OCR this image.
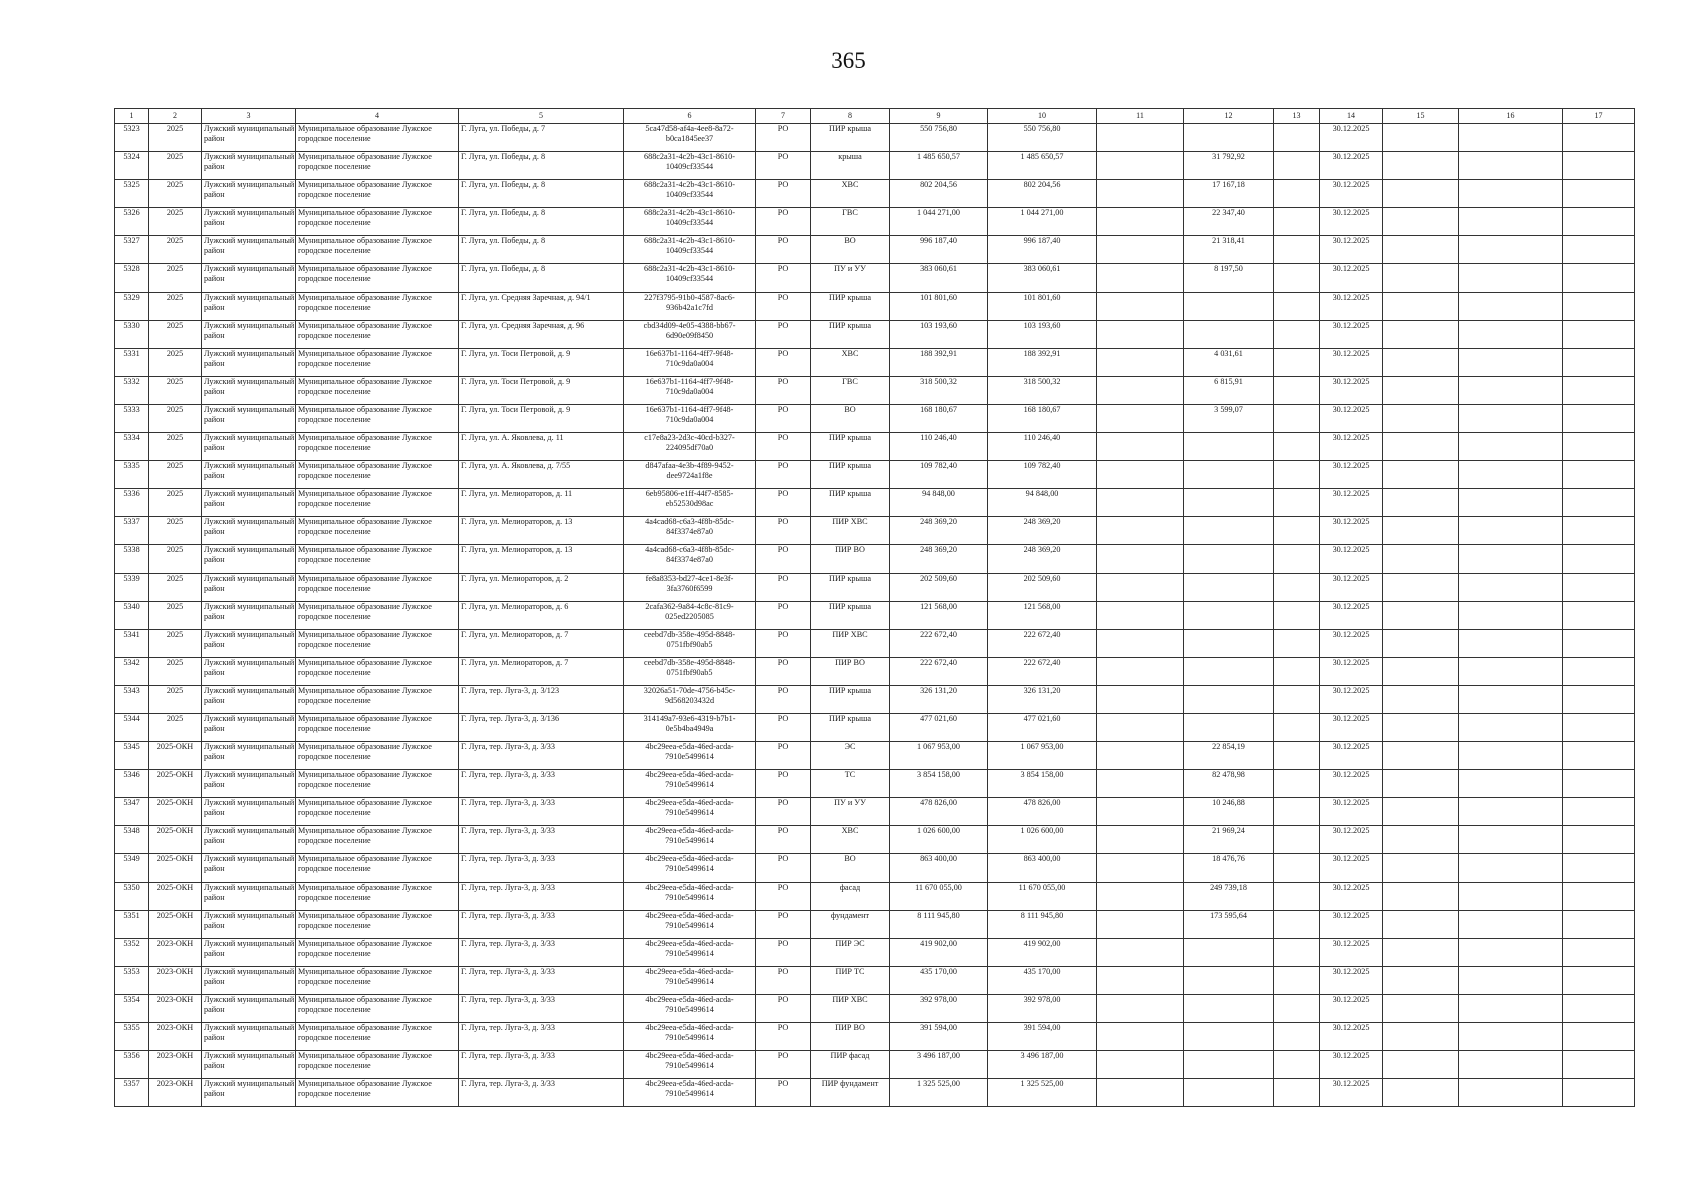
365
1	2	3	4	5	6	7	8	9	10	11	12	13	14	15	16	17
5323	2025	Лужский муниципальный район	Муниципальное образование Лужское городское поселение	Г. Луга, ул. Победы, д. 7	5ca47d58-af4a-4ee8-8a72-b0ca1845ee37	РО	ПИР крыша	550 756,80	550 756,80				30.12.2025			
5324	2025	Лужский муниципальный район	Муниципальное образование Лужское городское поселение	Г. Луга, ул. Победы, д. 8	688c2a31-4c2b-43c1-8610-10409cf33544	РО	крыша	1 485 650,57	1 485 650,57		31 792,92		30.12.2025			
5325	2025	Лужский муниципальный район	Муниципальное образование Лужское городское поселение	Г. Луга, ул. Победы, д. 8	688c2a31-4c2b-43c1-8610-10409cf33544	РО	ХВС	802 204,56	802 204,56		17 167,18		30.12.2025			
5326	2025	Лужский муниципальный район	Муниципальное образование Лужское городское поселение	Г. Луга, ул. Победы, д. 8	688c2a31-4c2b-43c1-8610-10409cf33544	РО	ГВС	1 044 271,00	1 044 271,00		22 347,40		30.12.2025			
5327	2025	Лужский муниципальный район	Муниципальное образование Лужское городское поселение	Г. Луга, ул. Победы, д. 8	688c2a31-4c2b-43c1-8610-10409cf33544	РО	ВО	996 187,40	996 187,40		21 318,41		30.12.2025			
5328	2025	Лужский муниципальный район	Муниципальное образование Лужское городское поселение	Г. Луга, ул. Победы, д. 8	688c2a31-4c2b-43c1-8610-10409cf33544	РО	ПУ и УУ	383 060,61	383 060,61		8 197,50		30.12.2025			
5329	2025	Лужский муниципальный район	Муниципальное образование Лужское городское поселение	Г. Луга, ул. Средняя Заречная, д. 94/1	227f3795-91b0-4587-8ac6-936b42a1c7fd	РО	ПИР крыша	101 801,60	101 801,60				30.12.2025			
5330	2025	Лужский муниципальный район	Муниципальное образование Лужское городское поселение	Г. Луга, ул. Средняя Заречная, д. 96	cbd34d09-4e05-4388-bb67-6d90e09f8450	РО	ПИР крыша	103 193,60	103 193,60				30.12.2025			
5331	2025	Лужский муниципальный район	Муниципальное образование Лужское городское поселение	Г. Луга, ул. Тоси Петровой, д. 9	16e637b1-1164-4ff7-9f48-710c9da0a004	РО	ХВС	188 392,91	188 392,91		4 031,61		30.12.2025			
5332	2025	Лужский муниципальный район	Муниципальное образование Лужское городское поселение	Г. Луга, ул. Тоси Петровой, д. 9	16e637b1-1164-4ff7-9f48-710c9da0a004	РО	ГВС	318 500,32	318 500,32		6 815,91		30.12.2025			
5333	2025	Лужский муниципальный район	Муниципальное образование Лужское городское поселение	Г. Луга, ул. Тоси Петровой, д. 9	16e637b1-1164-4ff7-9f48-710c9da0a004	РО	ВО	168 180,67	168 180,67		3 599,07		30.12.2025			
5334	2025	Лужский муниципальный район	Муниципальное образование Лужское городское поселение	Г. Луга, ул. А. Яковлева, д. 11	c17e8a23-2d3c-40cd-b327-224095df70a0	РО	ПИР крыша	110 246,40	110 246,40				30.12.2025			
5335	2025	Лужский муниципальный район	Муниципальное образование Лужское городское поселение	Г. Луга, ул. А. Яковлева, д. 7/55	d847afaa-4e3b-4f89-9452-dee9724a1f8e	РО	ПИР крыша	109 782,40	109 782,40				30.12.2025			
5336	2025	Лужский муниципальный район	Муниципальное образование Лужское городское поселение	Г. Луга, ул. Мелиораторов, д. 11	6eb95806-e1ff-44f7-8585-eb52530d98ac	РО	ПИР крыша	94 848,00	94 848,00				30.12.2025			
5337	2025	Лужский муниципальный район	Муниципальное образование Лужское городское поселение	Г. Луга, ул. Мелиораторов, д. 13	4a4cad68-c6a3-4f8b-85dc-84f3374e87a0	РО	ПИР ХВС	248 369,20	248 369,20				30.12.2025			
5338	2025	Лужский муниципальный район	Муниципальное образование Лужское городское поселение	Г. Луга, ул. Мелиораторов, д. 13	4a4cad68-c6a3-4f8b-85dc-84f3374e87a0	РО	ПИР ВО	248 369,20	248 369,20				30.12.2025			
5339	2025	Лужский муниципальный район	Муниципальное образование Лужское городское поселение	Г. Луга, ул. Мелиораторов, д. 2	fe8a8353-bd27-4ce1-8e3f-3fa3760f6599	РО	ПИР крыша	202 509,60	202 509,60				30.12.2025			
5340	2025	Лужский муниципальный район	Муниципальное образование Лужское городское поселение	Г. Луга, ул. Мелиораторов, д. 6	2cafa362-9a84-4c8c-81c9-025ed2205085	РО	ПИР крыша	121 568,00	121 568,00				30.12.2025			
5341	2025	Лужский муниципальный район	Муниципальное образование Лужское городское поселение	Г. Луга, ул. Мелиораторов, д. 7	ceebd7db-358e-495d-8848-0751fbf90ab5	РО	ПИР ХВС	222 672,40	222 672,40				30.12.2025			
5342	2025	Лужский муниципальный район	Муниципальное образование Лужское городское поселение	Г. Луга, ул. Мелиораторов, д. 7	ceebd7db-358e-495d-8848-0751fbf90ab5	РО	ПИР ВО	222 672,40	222 672,40				30.12.2025			
5343	2025	Лужский муниципальный район	Муниципальное образование Лужское городское поселение	Г. Луга, тер. Луга-3, д. 3/123	32026a51-70de-4756-b45c-9d568203432d	РО	ПИР крыша	326 131,20	326 131,20				30.12.2025			
5344	2025	Лужский муниципальный район	Муниципальное образование Лужское городское поселение	Г. Луга, тер. Луга-3, д. 3/136	314149a7-93e6-4319-b7b1-0e5b4ba4949a	РО	ПИР крыша	477 021,60	477 021,60				30.12.2025			
5345	2025-ОКН	Лужский муниципальный район	Муниципальное образование Лужское городское поселение	Г. Луга, тер. Луга-3, д. 3/33	4bc29eea-e5da-46ed-acda-7910e5499614	РО	ЭС	1 067 953,00	1 067 953,00		22 854,19		30.12.2025			
5346	2025-ОКН	Лужский муниципальный район	Муниципальное образование Лужское городское поселение	Г. Луга, тер. Луга-3, д. 3/33	4bc29eea-e5da-46ed-acda-7910e5499614	РО	ТС	3 854 158,00	3 854 158,00		82 478,98		30.12.2025			
5347	2025-ОКН	Лужский муниципальный район	Муниципальное образование Лужское городское поселение	Г. Луга, тер. Луга-3, д. 3/33	4bc29eea-e5da-46ed-acda-7910e5499614	РО	ПУ и УУ	478 826,00	478 826,00		10 246,88		30.12.2025			
5348	2025-ОКН	Лужский муниципальный район	Муниципальное образование Лужское городское поселение	Г. Луга, тер. Луга-3, д. 3/33	4bc29eea-e5da-46ed-acda-7910e5499614	РО	ХВС	1 026 600,00	1 026 600,00		21 969,24		30.12.2025			
5349	2025-ОКН	Лужский муниципальный район	Муниципальное образование Лужское городское поселение	Г. Луга, тер. Луга-3, д. 3/33	4bc29eea-e5da-46ed-acda-7910e5499614	РО	ВО	863 400,00	863 400,00		18 476,76		30.12.2025			
5350	2025-ОКН	Лужский муниципальный район	Муниципальное образование Лужское городское поселение	Г. Луга, тер. Луга-3, д. 3/33	4bc29eea-e5da-46ed-acda-7910e5499614	РО	фасад	11 670 055,00	11 670 055,00		249 739,18		30.12.2025			
5351	2025-ОКН	Лужский муниципальный район	Муниципальное образование Лужское городское поселение	Г. Луга, тер. Луга-3, д. 3/33	4bc29eea-e5da-46ed-acda-7910e5499614	РО	фундамент	8 111 945,80	8 111 945,80		173 595,64		30.12.2025			
5352	2023-ОКН	Лужский муниципальный район	Муниципальное образование Лужское городское поселение	Г. Луга, тер. Луга-3, д. 3/33	4bc29eea-e5da-46ed-acda-7910e5499614	РО	ПИР ЭС	419 902,00	419 902,00				30.12.2025			
5353	2023-ОКН	Лужский муниципальный район	Муниципальное образование Лужское городское поселение	Г. Луга, тер. Луга-3, д. 3/33	4bc29eea-e5da-46ed-acda-7910e5499614	РО	ПИР ТС	435 170,00	435 170,00				30.12.2025			
5354	2023-ОКН	Лужский муниципальный район	Муниципальное образование Лужское городское поселение	Г. Луга, тер. Луга-3, д. 3/33	4bc29eea-e5da-46ed-acda-7910e5499614	РО	ПИР ХВС	392 978,00	392 978,00				30.12.2025			
5355	2023-ОКН	Лужский муниципальный район	Муниципальное образование Лужское городское поселение	Г. Луга, тер. Луга-3, д. 3/33	4bc29eea-e5da-46ed-acda-7910e5499614	РО	ПИР ВО	391 594,00	391 594,00				30.12.2025			
5356	2023-ОКН	Лужский муниципальный район	Муниципальное образование Лужское городское поселение	Г. Луга, тер. Луга-3, д. 3/33	4bc29eea-e5da-46ed-acda-7910e5499614	РО	ПИР фасад	3 496 187,00	3 496 187,00				30.12.2025			
5357	2023-ОКН	Лужский муниципальный район	Муниципальное образование Лужское городское поселение	Г. Луга, тер. Луга-3, д. 3/33	4bc29eea-e5da-46ed-acda-7910e5499614	РО	ПИР фундамент	1 325 525,00	1 325 525,00				30.12.2025			
